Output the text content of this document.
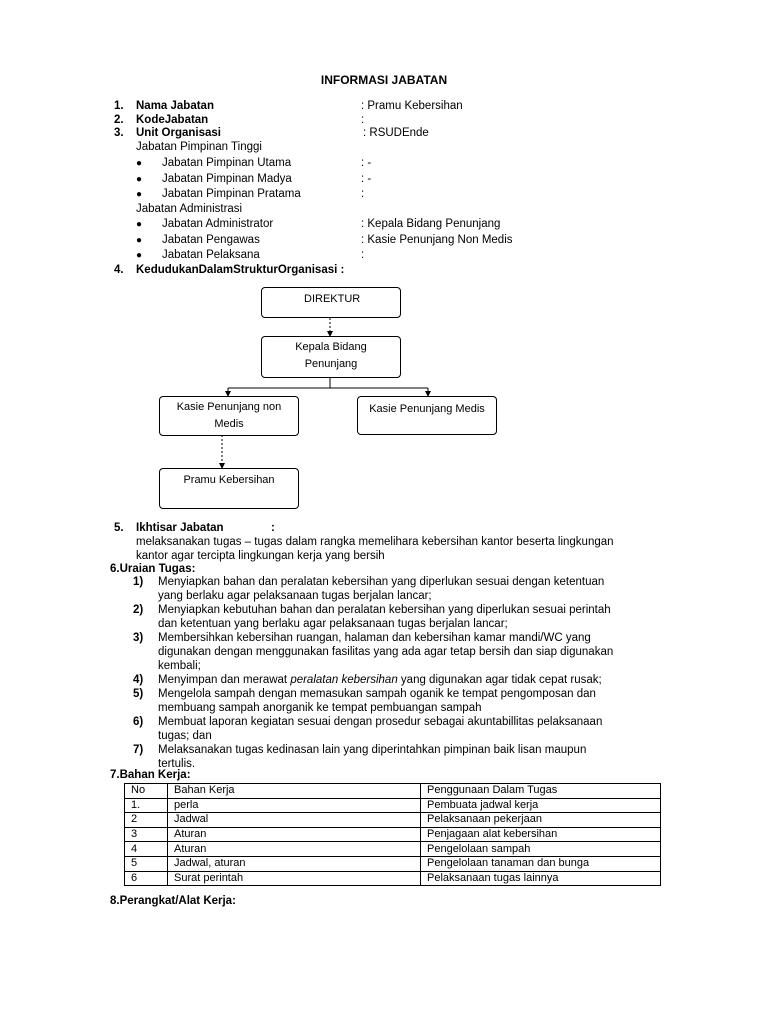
INFORMASI JABATAN
1. Nama Jabatan	: Pramu Kebersihan
2. KodeJabatan	:
3. Unit Organisasi	: RSUDEnde
Jabatan Pimpinan Tinggi
● Jabatan Pimpinan Utama	: -
● Jabatan Pimpinan Madya	: -
● Jabatan Pimpinan Pratama	:
Jabatan Administrasi
● Jabatan Administrator	: Kepala Bidang Penunjang
● Jabatan Pengawas	: Kasie Penunjang Non Medis
● Jabatan Pelaksana	:
4. KedudukanDalamStrukturOrganisasi :
DIREKTUR
Kepala Bidang
Penunjang
Kasie Penunjang non
Medis
Kasie Penunjang Medis
Pramu Kebersihan
5. Ikhtisar Jabatan	:
melaksanakan tugas – tugas dalam rangka memelihara kebersihan kantor beserta lingkungan
kantor agar tercipta lingkungan kerja yang bersih
6.Uraian Tugas:
1) Menyiapkan bahan dan peralatan kebersihan yang diperlukan sesuai dengan ketentuan
yang berlaku agar pelaksanaan tugas berjalan lancar;
2) Menyiapkan kebutuhan bahan dan peralatan kebersihan yang diperlukan sesuai perintah
dan ketentuan yang berlaku agar pelaksanaan tugas berjalan lancar;
3) Membersihkan kebersihan ruangan, halaman dan kebersihan kamar mandi/WC yang
digunakan dengan menggunakan fasilitas yang ada agar tetap bersih dan siap digunakan
kembali;
4) Menyimpan dan merawat peralatan kebersihan yang digunakan agar tidak cepat rusak;
5) Mengelola sampah dengan memasukan sampah oganik ke tempat pengomposan dan
membuang sampah anorganik ke tempat pembuangan sampah
6) Membuat laporan kegiatan sesuai dengan prosedur sebagai akuntabillitas pelaksanaan
tugas; dan
7) Melaksanakan tugas kedinasan lain yang diperintahkan pimpinan baik lisan maupun
tertulis.
7.Bahan Kerja:
No	Bahan Kerja	Penggunaan Dalam Tugas
1.	perla	Pembuata jadwal kerja
2	Jadwal	Pelaksanaan pekerjaan
3	Aturan	Penjagaan alat kebersihan
4	Aturan	Pengelolaan sampah
5	Jadwal, aturan	Pengelolaan tanaman dan bunga
6	Surat perintah	Pelaksanaan tugas lainnya
8.Perangkat/Alat Kerja:
